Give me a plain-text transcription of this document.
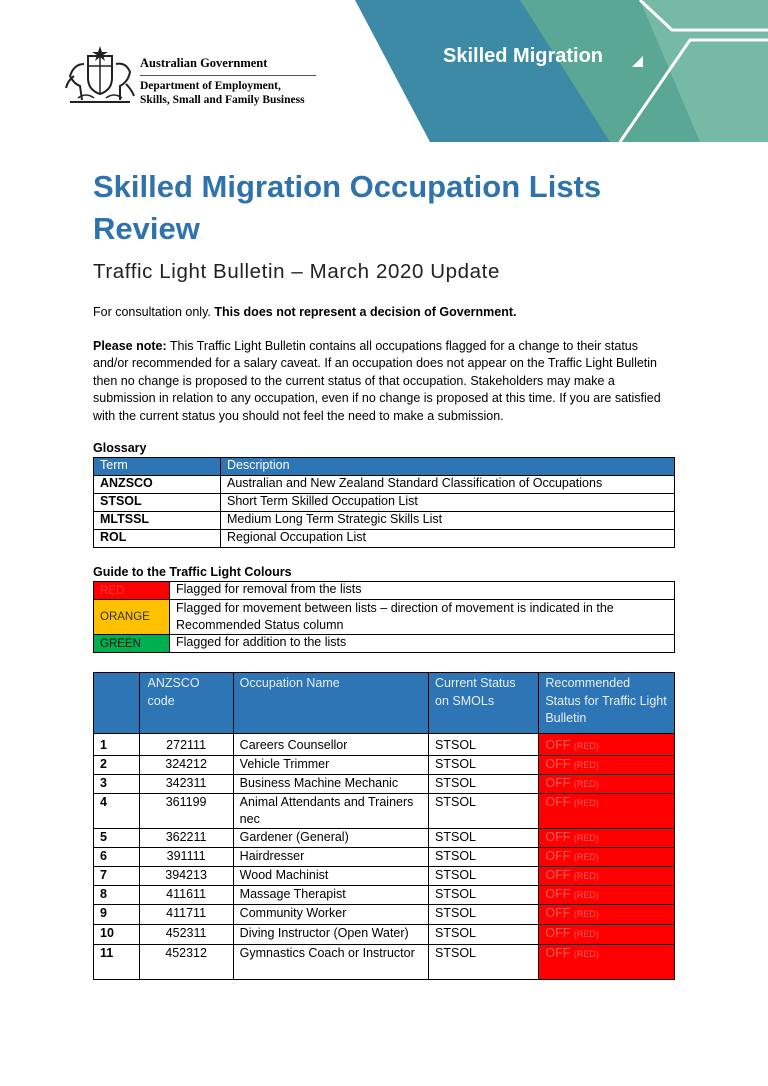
Skilled Migration
Australian Government
Department of Employment,
Skills, Small and Family Business
Skilled Migration Occupation Lists Review
Traffic Light Bulletin – March 2020 Update
For consultation only. This does not represent a decision of Government.
Please note: This Traffic Light Bulletin contains all occupations flagged for a change to their status and/or recommended for a salary caveat. If an occupation does not appear on the Traffic Light Bulletin then no change is proposed to the current status of that occupation. Stakeholders may make a submission in relation to any occupation, even if no change is proposed at this time. If you are satisfied with the current status you should not feel the need to make a submission.
Glossary
Term	Description
ANZSCO	Australian and New Zealand Standard Classification of Occupations
STSOL	Short Term Skilled Occupation List
MLTSSL	Medium Long Term Strategic Skills List
ROL	Regional Occupation List
Guide to the Traffic Light Colours
RED	Flagged for removal from the lists
ORANGE	Flagged for movement between lists – direction of movement is indicated in the Recommended Status column
GREEN	Flagged for addition to the lists
	ANZSCO code	Occupation Name	Current Status on SMOLs	Recommended Status for Traffic Light Bulletin
1	272111	Careers Counsellor	STSOL	OFF (RED)
2	324212	Vehicle Trimmer	STSOL	OFF (RED)
3	342311	Business Machine Mechanic	STSOL	OFF (RED)
4	361199	Animal Attendants and Trainers nec	STSOL	OFF (RED)
5	362211	Gardener (General)	STSOL	OFF (RED)
6	391111	Hairdresser	STSOL	OFF (RED)
7	394213	Wood Machinist	STSOL	OFF (RED)
8	411611	Massage Therapist	STSOL	OFF (RED)
9	411711	Community Worker	STSOL	OFF (RED)
10	452311	Diving Instructor (Open Water)	STSOL	OFF (RED)
11	452312	Gymnastics Coach or Instructor	STSOL	OFF (RED)
